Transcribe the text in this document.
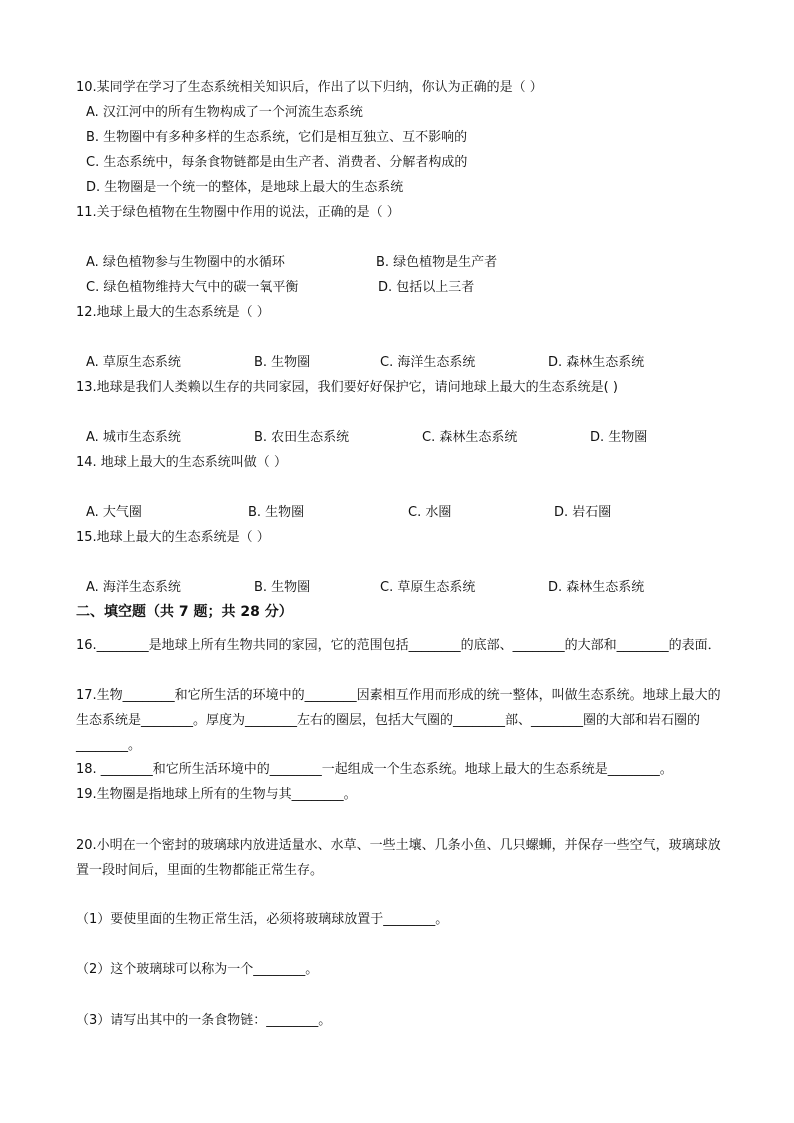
10.某同学在学习了生态系统相关知识后，作出了以下归纳，你认为正确的是（ ）
A. 汉江河中的所有生物构成了一个河流生态系统
B. 生物圈中有多种多样的生态系统，它们是相互独立、互不影响的
C. 生态系统中，每条食物链都是由生产者、消费者、分解者构成的
D. 生物圈是一个统一的整体，是地球上最大的生态系统
11.关于绿色植物在生物圈中作用的说法，正确的是（ ）
A. 绿色植物参与生物圈中的水循环	B. 绿色植物是生产者
C. 绿色植物维持大气中的碳一氧平衡	D. 包括以上三者
12.地球上最大的生态系统是（ ）
A. 草原生态系统	B. 生物圈	C. 海洋生态系统	D. 森林生态系统
13.地球是我们人类赖以生存的共同家园，我们要好好保护它，请问地球上最大的生态系统是( )
A. 城市生态系统	B. 农田生态系统	C. 森林生态系统	D. 生物圈
14. 地球上最大的生态系统叫做（ ）
A. 大气圈	B. 生物圈	C. 水圈	D. 岩石圈
15.地球上最大的生态系统是（ ）
A. 海洋生态系统	B. 生物圈	C. 草原生态系统	D. 森林生态系统
二、填空题（共 7 题；共 28 分）
16.________是地球上所有生物共同的家园，它的范围包括________的底部、________的大部和________的表面．
17.生物________和它所生活的环境中的________因素相互作用而形成的统一整体，叫做生态系统。地球上最大的生态系统是________。厚度为________左右的圈层，包括大气圈的________部、________圈的大部和岩石圈的________。
18. ________和它所生活环境中的________一起组成一个生态系统。地球上最大的生态系统是________。
19.生物圈是指地球上所有的生物与其________。
20.小明在一个密封的玻璃球内放进适量水、水草、一些土壤、几条小鱼、几只螺蛳，并保存一些空气，玻璃球放置一段时间后，里面的生物都能正常生存。
（1）要使里面的生物正常生活，必须将玻璃球放置于________。
（2）这个玻璃球可以称为一个________。
（3）请写出其中的一条食物链：________。
